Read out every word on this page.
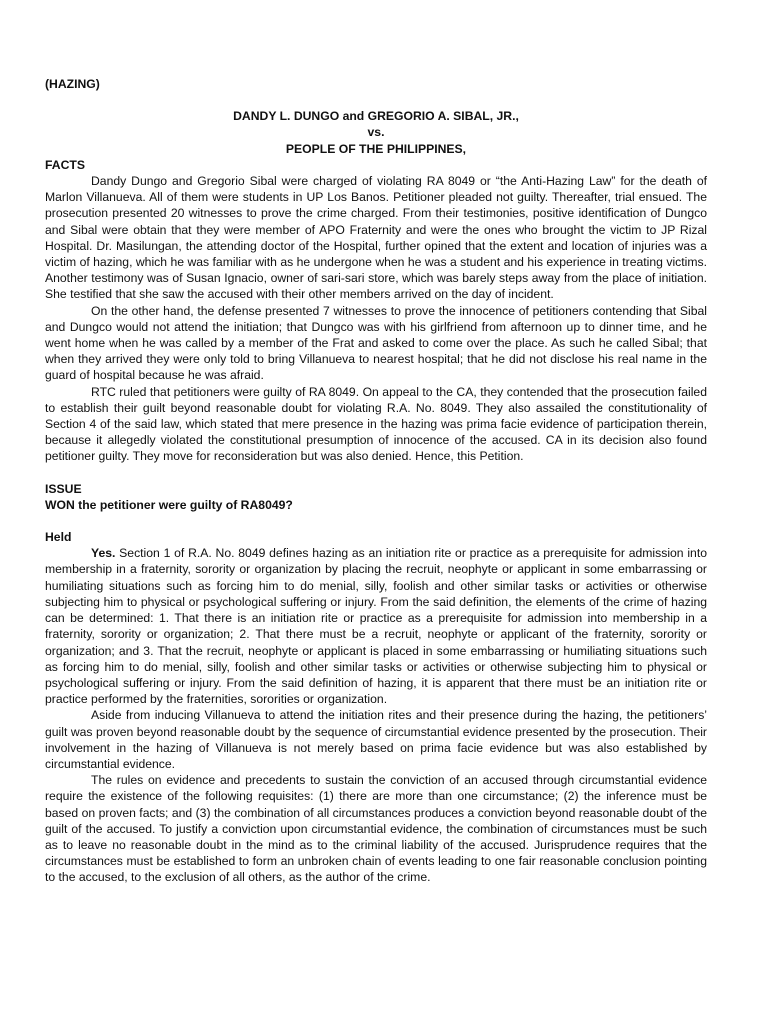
(HAZING)
DANDY L. DUNGO and GREGORIO A. SIBAL, JR.,
vs.
PEOPLE OF THE PHILIPPINES,
FACTS

Dandy Dungo and Gregorio Sibal were charged of violating RA 8049 or “the Anti-Hazing Law” for the death of Marlon Villanueva. All of them were students in UP Los Banos. Petitioner pleaded not guilty. Thereafter, trial ensued. The prosecution presented 20 witnesses to prove the crime charged. From their testimonies, positive identification of Dungco and Sibal were obtain that they were member of APO Fraternity and were the ones who brought the victim to JP Rizal Hospital. Dr. Masilungan, the attending doctor of the Hospital, further opined that the extent and location of injuries was a victim of hazing, which he was familiar with as he undergone when he was a student and his experience in treating victims. Another testimony was of Susan Ignacio, owner of sari-sari store, which was barely steps away from the place of initiation. She testified that she saw the accused with their other members arrived on the day of incident.

On the other hand, the defense presented 7 witnesses to prove the innocence of petitioners contending that Sibal and Dungco would not attend the initiation; that Dungco was with his girlfriend from afternoon up to dinner time, and he went home when he was called by a member of the Frat and asked to come over the place. As such he called Sibal; that when they arrived they were only told to bring Villanueva to nearest hospital; that he did not disclose his real name in the guard of hospital because he was afraid.

RTC ruled that petitioners were guilty of RA 8049. On appeal to the CA, they contended that the prosecution failed to establish their guilt beyond reasonable doubt for violating R.A. No. 8049. They also assailed the constitutionality of Section 4 of the said law, which stated that mere presence in the hazing was prima facie evidence of participation therein, because it allegedly violated the constitutional presumption of innocence of the accused. CA in its decision also found petitioner guilty. They move for reconsideration but was also denied. Hence, this Petition.

ISSUE
WON the petitioner were guilty of RA8049?
Held

Yes. Section 1 of R.A. No. 8049 defines hazing as an initiation rite or practice as a prerequisite for admission into membership in a fraternity, sorority or organization by placing the recruit, neophyte or applicant in some embarrassing or humiliating situations such as forcing him to do menial, silly, foolish and other similar tasks or activities or otherwise subjecting him to physical or psychological suffering or injury. From the said definition, the elements of the crime of hazing can be determined: 1. That there is an initiation rite or practice as a prerequisite for admission into membership in a fraternity, sorority or organization; 2. That there must be a recruit, neophyte or applicant of the fraternity, sorority or organization; and 3. That the recruit, neophyte or applicant is placed in some embarrassing or humiliating situations such as forcing him to do menial, silly, foolish and other similar tasks or activities or otherwise subjecting him to physical or psychological suffering or injury. From the said definition of hazing, it is apparent that there must be an initiation rite or practice performed by the fraternities, sororities or organization.

Aside from inducing Villanueva to attend the initiation rites and their presence during the hazing, the petitioners’ guilt was proven beyond reasonable doubt by the sequence of circumstantial evidence presented by the prosecution. Their involvement in the hazing of Villanueva is not merely based on prima facie evidence but was also established by circumstantial evidence.

The rules on evidence and precedents to sustain the conviction of an accused through circumstantial evidence require the existence of the following requisites: (1) there are more than one circumstance; (2) the inference must be based on proven facts; and (3) the combination of all circumstances produces a conviction beyond reasonable doubt of the guilt of the accused. To justify a conviction upon circumstantial evidence, the combination of circumstances must be such as to leave no reasonable doubt in the mind as to the criminal liability of the accused. Jurisprudence requires that the circumstances must be established to form an unbroken chain of events leading to one fair reasonable conclusion pointing to the accused, to the exclusion of all others, as the author of the crime.
